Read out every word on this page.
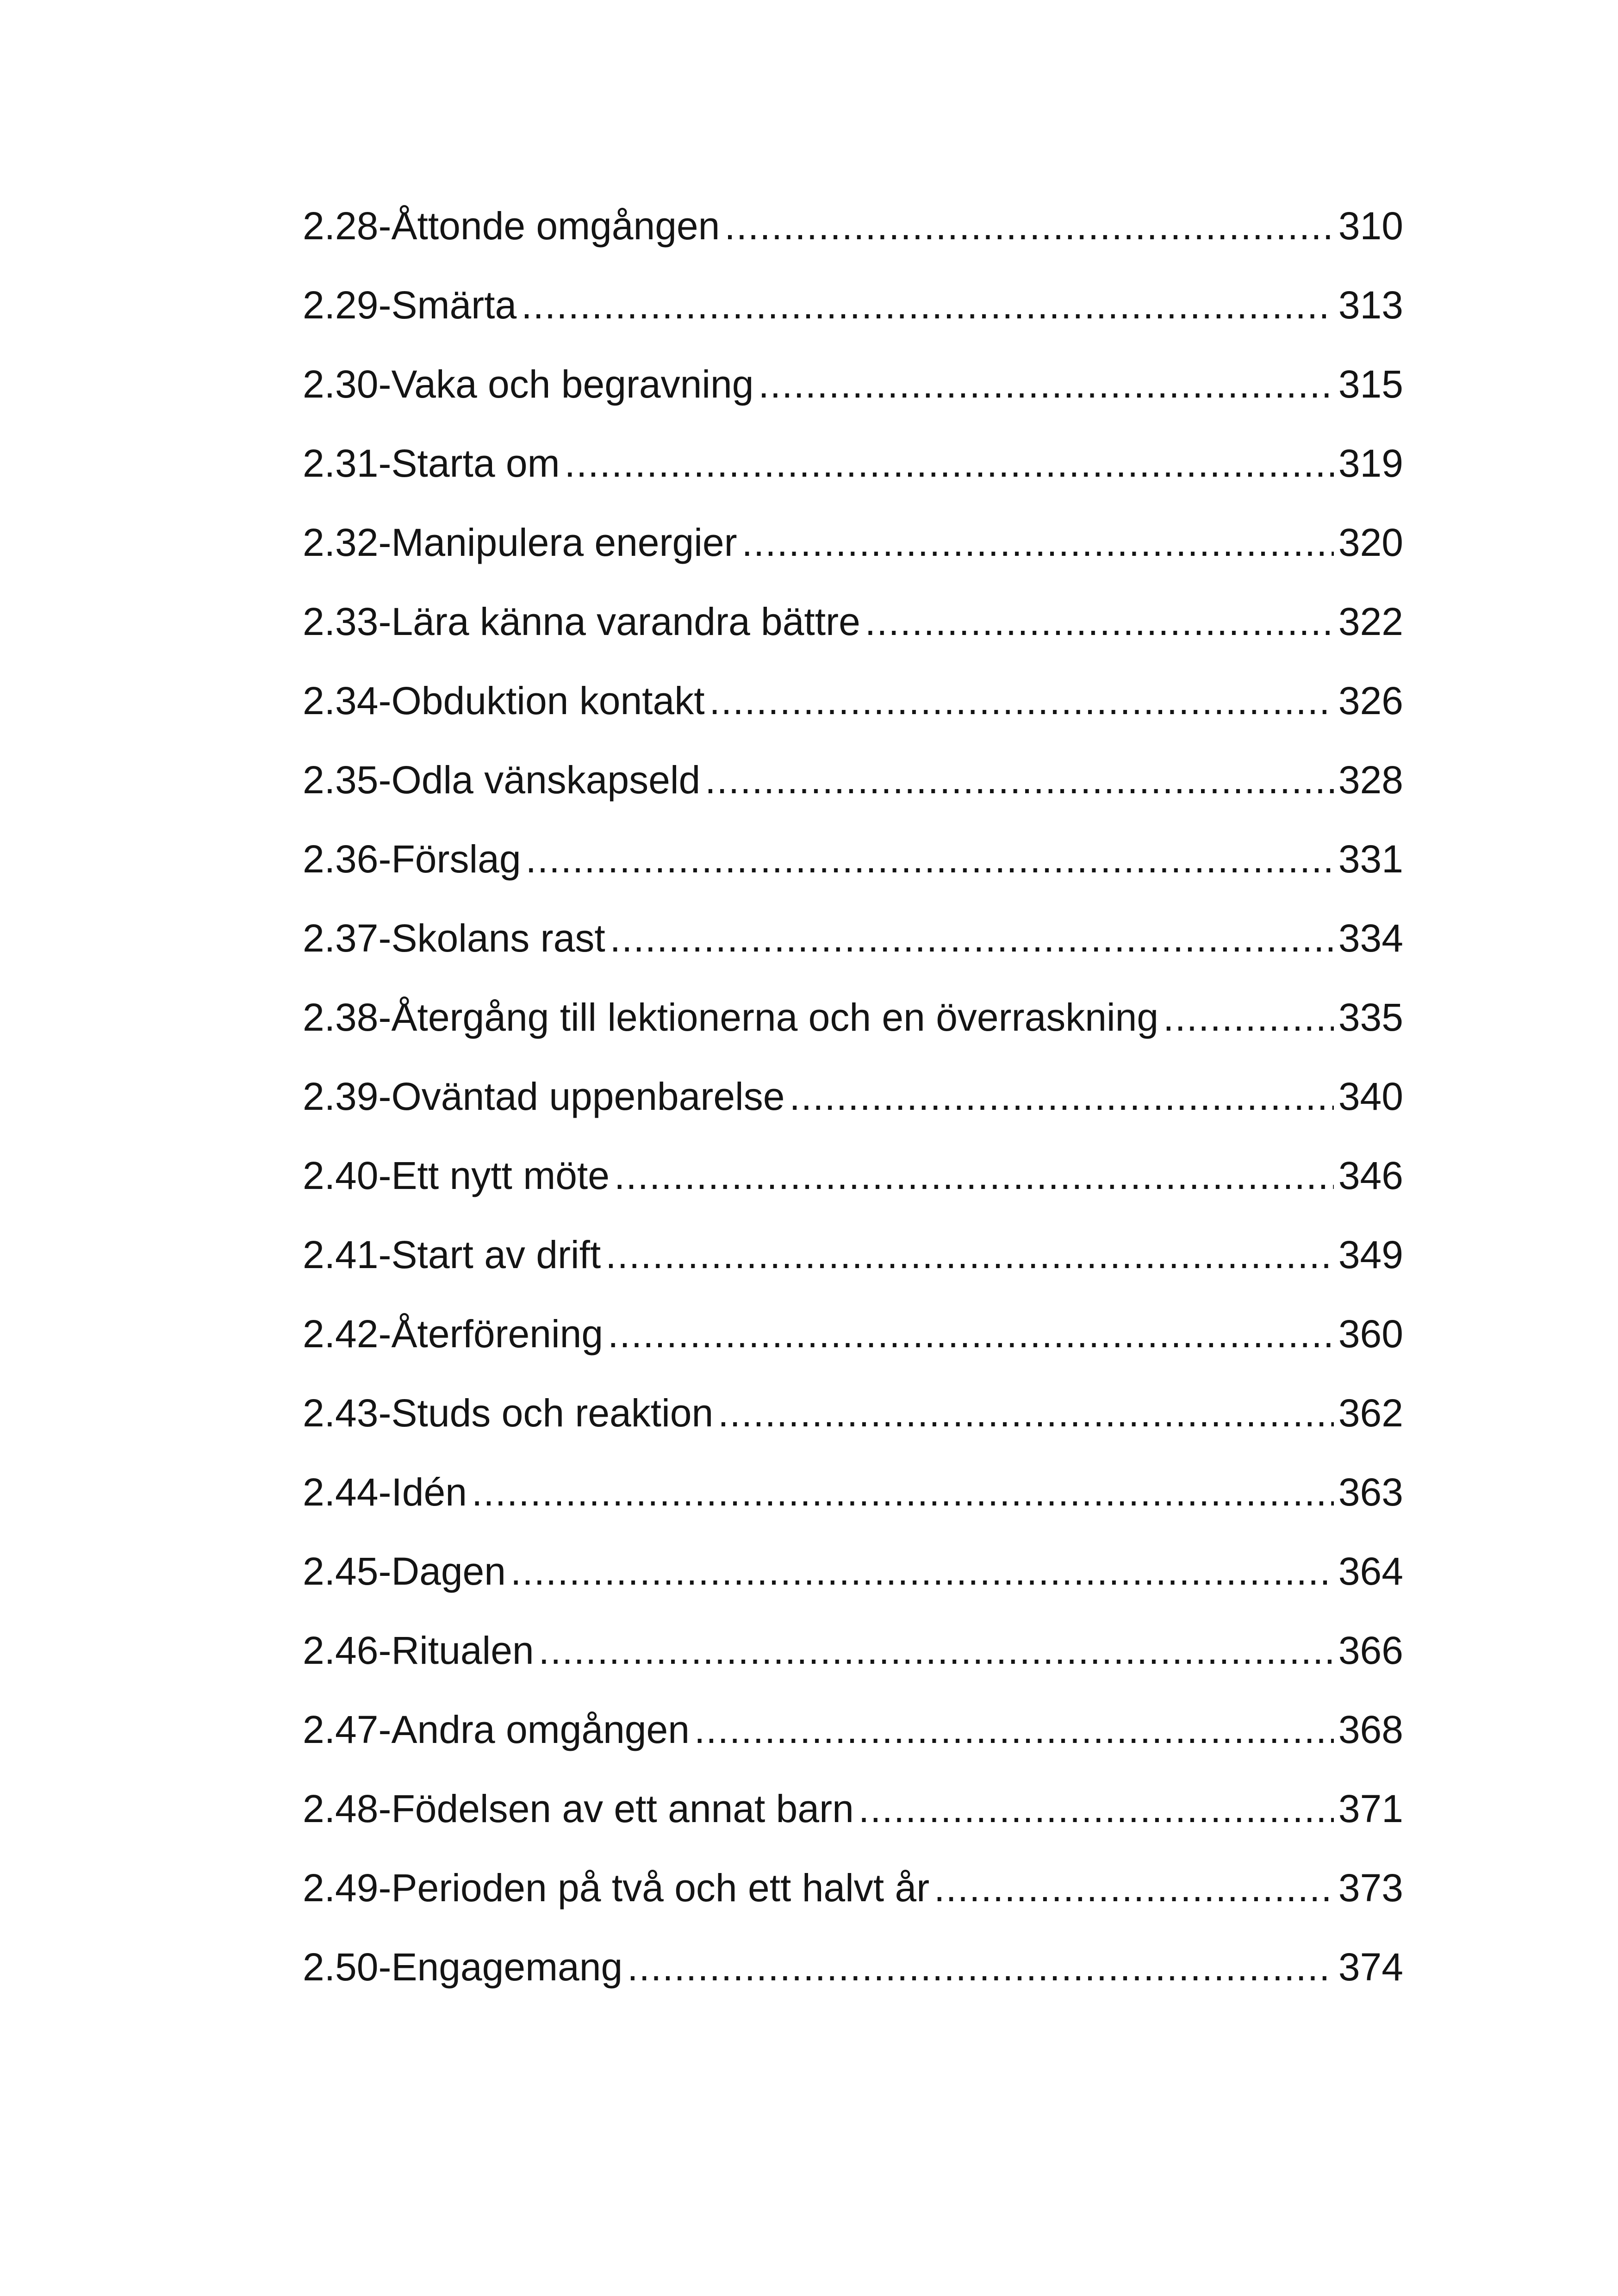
2.28-Åttonde omgången .....	310
2.29-Smärta .....	313
2.30-Vaka och begravning .....	315
2.31-Starta om .....	319
2.32-Manipulera energier .....	320
2.33-Lära känna varandra bättre .....	322
2.34-Obduktion kontakt .....	326
2.35-Odla vänskapseld .....	328
2.36-Förslag .....	331
2.37-Skolans rast .....	334
2.38-Återgång till lektionerna och en överraskning .....	335
2.39-Oväntad uppenbarelse .....	340
2.40-Ett nytt möte .....	346
2.41-Start av drift .....	349
2.42-Återförening .....	360
2.43-Studs och reaktion .....	362
2.44-Idén .....	363
2.45-Dagen .....	364
2.46-Ritualen .....	366
2.47-Andra omgången .....	368
2.48-Födelsen av ett annat barn .....	371
2.49-Perioden på två och ett halvt år .....	373
2.50-Engagemang .....	374
